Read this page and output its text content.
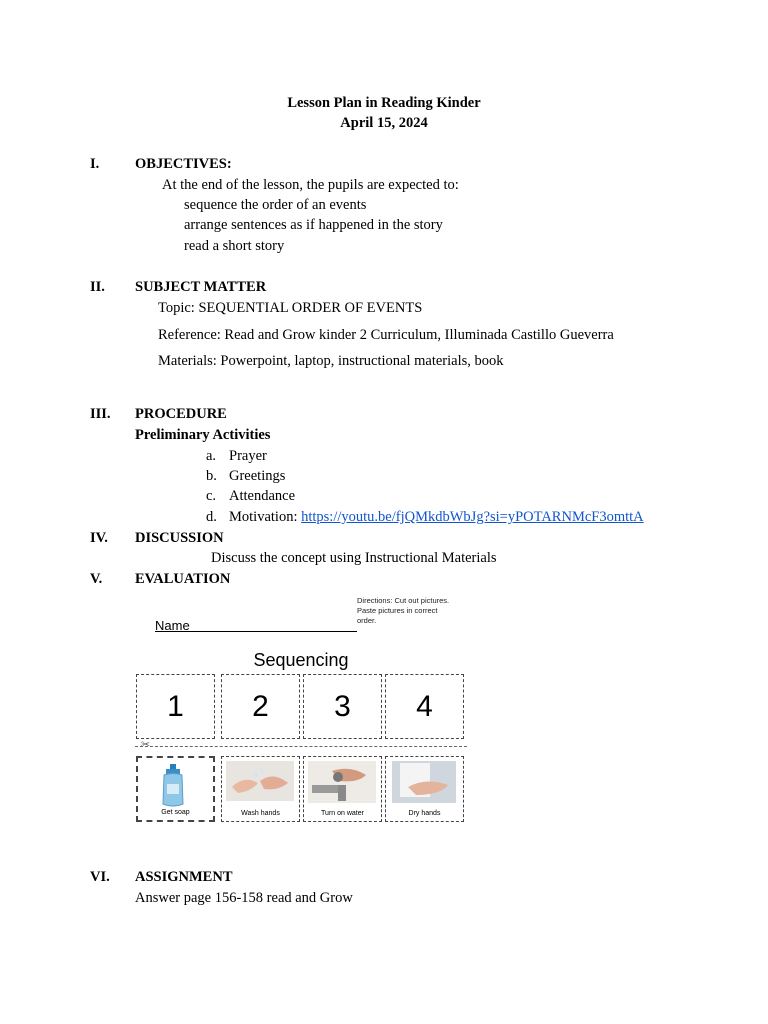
Lesson Plan in Reading Kinder
April 15, 2024
I. OBJECTIVES:
At the end of the lesson, the pupils are expected to:
sequence the order of an events
arrange sentences as if happened in the story
read a short story
II. SUBJECT MATTER
Topic: SEQUENTIAL ORDER OF EVENTS
Reference: Read and Grow kinder 2 Curriculum, Illuminada Castillo Gueverra
Materials: Powerpoint, laptop, instructional materials, book
III. PROCEDURE
Preliminary Activities
a. Prayer
b. Greetings
c. Attendance
d. Motivation: https://youtu.be/fjQMkdbWbJg?si=yPOTARNMcF3omttA
IV. DISCUSSION
Discuss the concept using Instructional Materials
V. EVALUATION
Name
Directions: Cut out pictures. Paste pictures in correct order.
Sequencing
1	2	3	4
✂
Get soap	Wash hands	Turn on water	Dry hands
VI. ASSIGNMENT
Answer page 156-158 read and Grow
